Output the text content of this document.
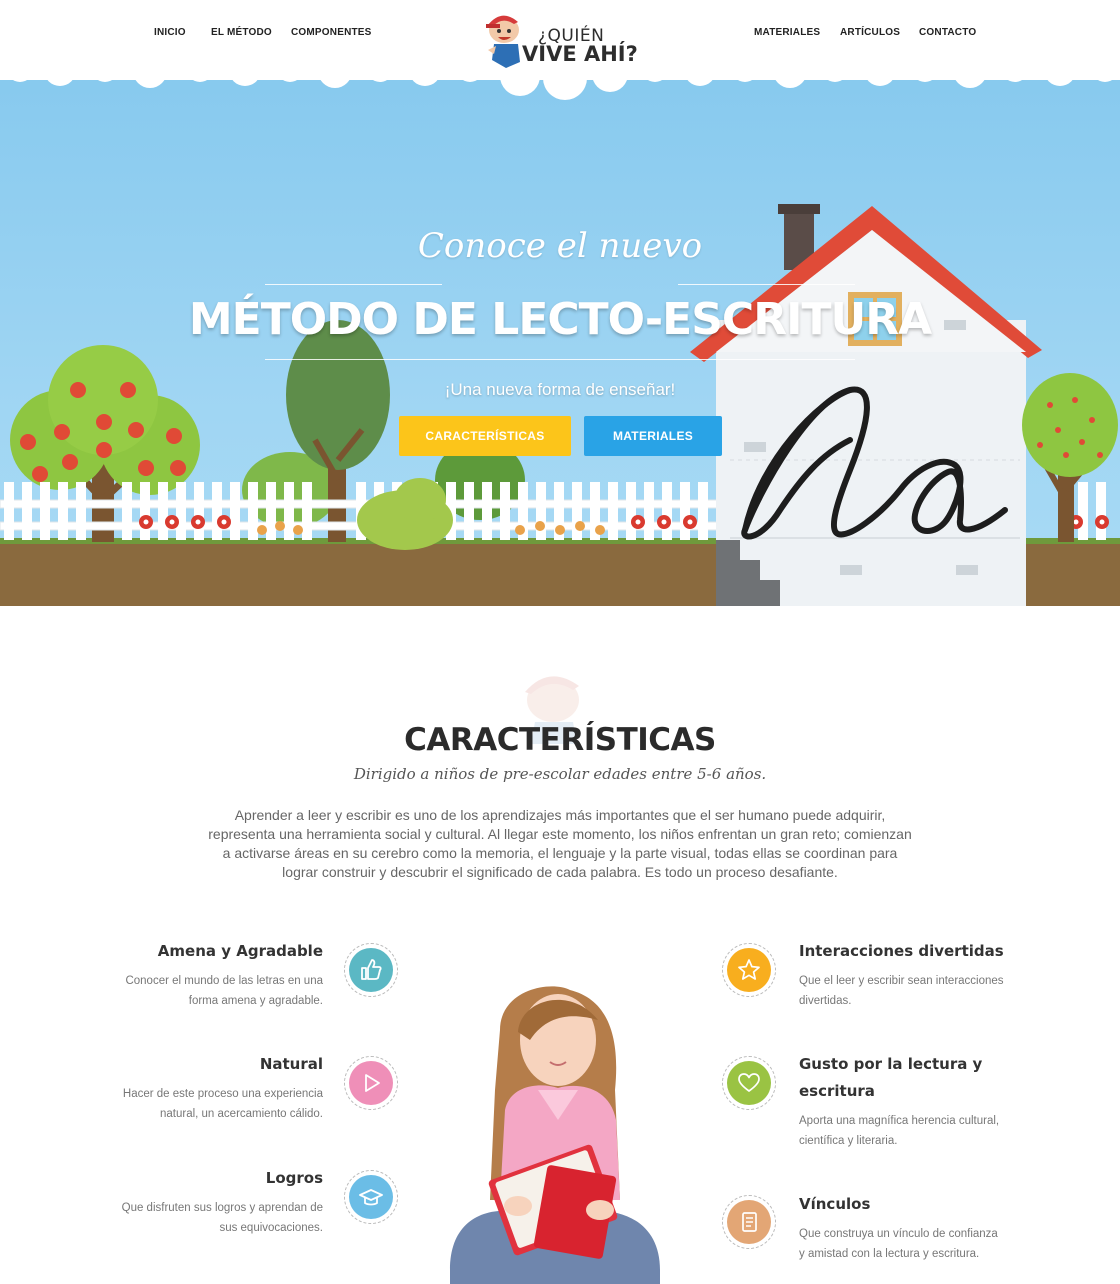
INICIO	EL MÉTODO COMPONENTES	¿QUIÉN
VIVE AHÍ?
MATERIALES ARTÍCULOS CONTACTO
Conoce el nuevo
MÉTODO DE LECTO-ESCRITURA
¡Una nueva forma de enseñar!
CARACTERÍSTICAS	MATERIALES
CARACTERÍSTICAS
Dirigido a niños de pre-escolar edades entre 5-6 años.
Aprender a leer y escribir es uno de los aprendizajes más importantes que el ser humano puede adquirir, representa una herramienta social y cultural. Al llegar este momento, los niños enfrentan un gran reto; comienzan a activarse áreas en su cerebro como la memoria, el lenguaje y la parte visual, todas ellas se coordinan para lograr construir y descubrir el significado de cada palabra. Es todo un proceso desafiante.
Amena y Agradable
Conocer el mundo de las letras en una forma amena y agradable.
Natural
Hacer de este proceso una experiencia natural, un acercamiento cálido.
Logros
Que disfruten sus logros y aprendan de sus equivocaciones.
Interacciones divertidas
Que el leer y escribir sean interacciones divertidas.
Gusto por la lectura y escritura
Aporta una magnífica herencia cultural, científica y literaria.
Vínculos
Que construya un vínculo de confianza y amistad con la lectura y escritura.
